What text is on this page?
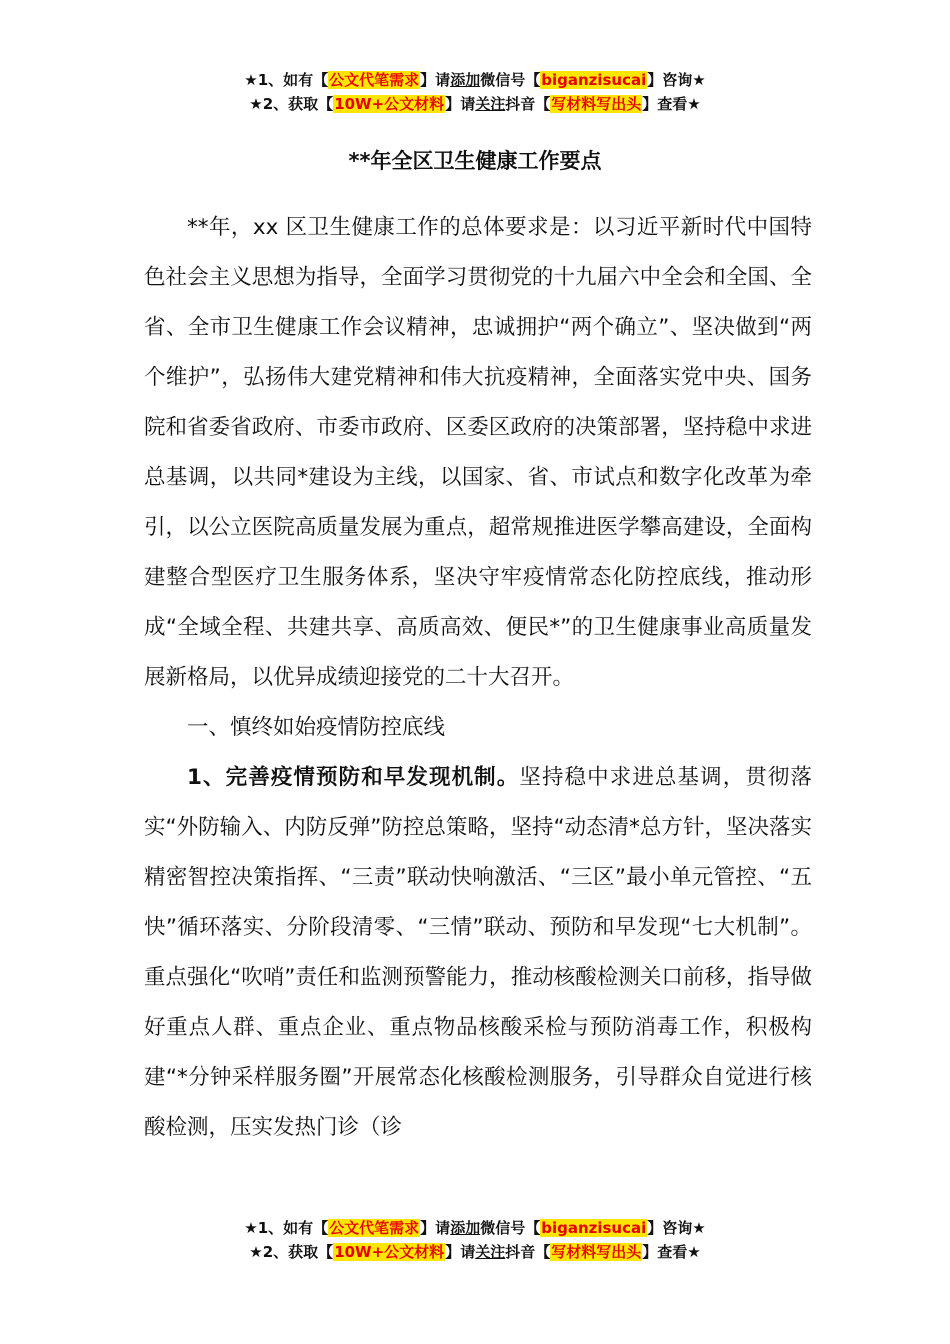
★1、如有【公文代笔需求】请添加微信号【biganzisucai】咨询★
★2、获取【10W+公文材料】请关注抖音【写材料写出头】查看★
**年全区卫生健康工作要点

**年，xx 区卫生健康工作的总体要求是：以习近平新时代中国特色社会主义思想为指导，全面学习贯彻党的十九届六中全会和全国、全省、全市卫生健康工作会议精神，忠诚拥护“两个确立”、坚决做到“两个维护”，弘扬伟大建党精神和伟大抗疫精神，全面落实党中央、国务院和省委省政府、市委市政府、区委区政府的决策部署，坚持稳中求进总基调，以共同*建设为主线，以国家、省、市试点和数字化改革为牵引，以公立医院高质量发展为重点，超常规推进医学攀高建设，全面构建整合型医疗卫生服务体系，坚决守牢疫情常态化防控底线，推动形成“全域全程、共建共享、高质高效、便民*”的卫生健康事业高质量发展新格局，以优异成绩迎接党的二十大召开。

一、慎终如始疫情防控底线

1、完善疫情预防和早发现机制。坚持稳中求进总基调，贯彻落实“外防输入、内防反弹”防控总策略，坚持“动态清*总方针，坚决落实精密智控决策指挥、“三责”联动快响激活、“三区”最小单元管控、“五快”循环落实、分阶段清零、“三情”联动、预防和早发现“七大机制”。重点强化“吹哨”责任和监测预警能力，推动核酸检测关口前移，指导做好重点人群、重点企业、重点物品核酸采检与预防消毒工作，积极构建“*分钟采样服务圈”开展常态化核酸检测服务，引导群众自觉进行核酸检测，压实发热门诊（诊

★1、如有【公文代笔需求】请添加微信号【biganzisucai】咨询★
★2、获取【10W+公文材料】请关注抖音【写材料写出头】查看★
